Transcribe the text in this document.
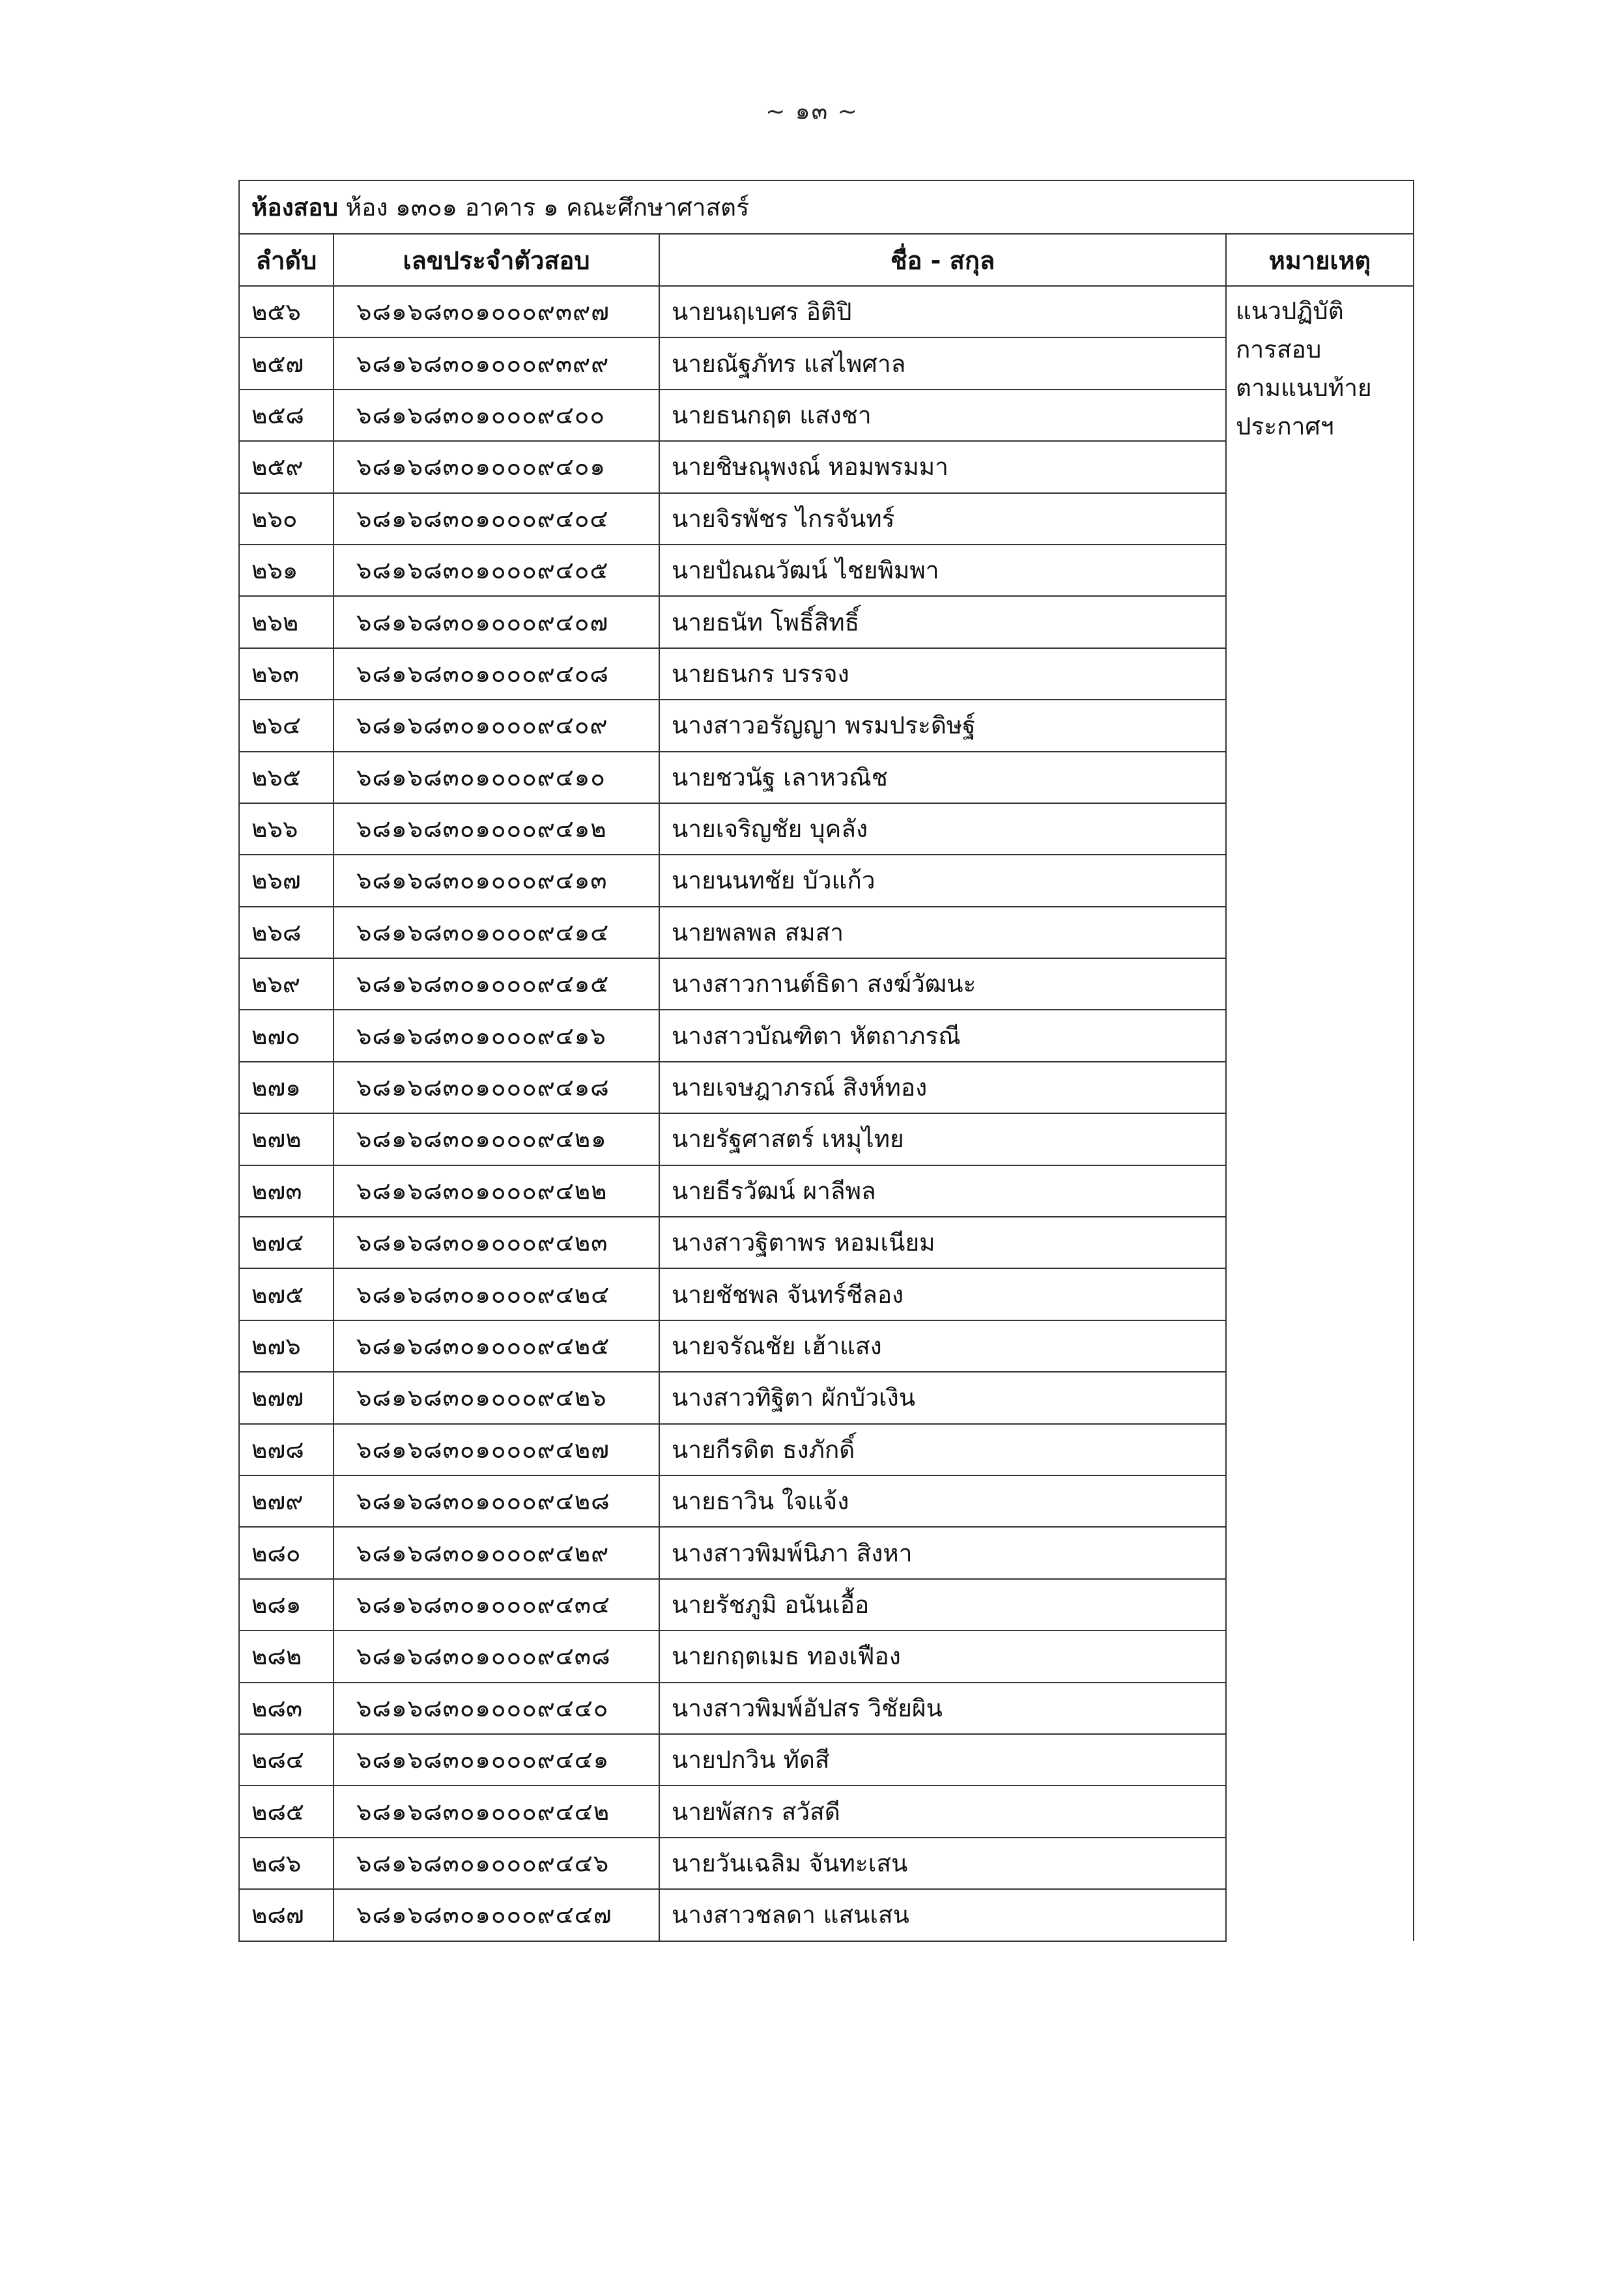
~ ๑๓ ~
ห้องสอบ ห้อง ๑๓๐๑ อาคาร ๑ คณะศึกษาศาสตร์			
ลำดับ	เลขประจำตัวสอบ	ชื่อ - สกุล	หมายเหตุ
๒๕๖	๖๘๑๖๘๓๐๑๐๐๐๙๓๙๗	นายนฤเบศร อิติปิ	แนวปฏิบัติ
การสอบ
ตามแนบท้าย
ประกาศฯ

๒๕๗	๖๘๑๖๘๓๐๑๐๐๐๙๓๙๙	นายณัฐภัทร แสไพศาล	
๒๕๘	๖๘๑๖๘๓๐๑๐๐๐๙๔๐๐	นายธนกฤต แสงชา	
๒๕๙	๖๘๑๖๘๓๐๑๐๐๐๙๔๐๑	นายชิษณุพงณ์ หอมพรมมา	
๒๖๐	๖๘๑๖๘๓๐๑๐๐๐๙๔๐๔	นายจิรพัชร ไกรจันทร์	
๒๖๑	๖๘๑๖๘๓๐๑๐๐๐๙๔๐๕	นายปัณณวัฒน์ ไชยพิมพา	
๒๖๒	๖๘๑๖๘๓๐๑๐๐๐๙๔๐๗	นายธนัท โพธิ์สิทธิ์	
๒๖๓	๖๘๑๖๘๓๐๑๐๐๐๙๔๐๘	นายธนกร บรรจง	
๒๖๔	๖๘๑๖๘๓๐๑๐๐๐๙๔๐๙	นางสาวอรัญญา พรมประดิษฐ์	
๒๖๕	๖๘๑๖๘๓๐๑๐๐๐๙๔๑๐	นายชวนัฐ เลาหวณิช	
๒๖๖	๖๘๑๖๘๓๐๑๐๐๐๙๔๑๒	นายเจริญชัย บุคลัง	
๒๖๗	๖๘๑๖๘๓๐๑๐๐๐๙๔๑๓	นายนนทชัย บัวแก้ว	
๒๖๘	๖๘๑๖๘๓๐๑๐๐๐๙๔๑๔	นายพลพล สมสา	
๒๖๙	๖๘๑๖๘๓๐๑๐๐๐๙๔๑๕	นางสาวกานต์ธิดา สงฆ์วัฒนะ	
๒๗๐	๖๘๑๖๘๓๐๑๐๐๐๙๔๑๖	นางสาวบัณฑิตา หัตถาภรณี	
๒๗๑	๖๘๑๖๘๓๐๑๐๐๐๙๔๑๘	นายเจษฎาภรณ์ สิงห์ทอง	
๒๗๒	๖๘๑๖๘๓๐๑๐๐๐๙๔๒๑	นายรัฐศาสตร์ เหมุไทย	
๒๗๓	๖๘๑๖๘๓๐๑๐๐๐๙๔๒๒	นายธีรวัฒน์ ผาลีพล	
๒๗๔	๖๘๑๖๘๓๐๑๐๐๐๙๔๒๓	นางสาวฐิตาพร หอมเนียม	
๒๗๕	๖๘๑๖๘๓๐๑๐๐๐๙๔๒๔	นายชัชพล จันทร์ชีลอง	
๒๗๖	๖๘๑๖๘๓๐๑๐๐๐๙๔๒๕	นายจรัณชัย เฮ้าแสง	
๒๗๗	๖๘๑๖๘๓๐๑๐๐๐๙๔๒๖	นางสาวทิฐิตา ผักบัวเงิน	
๒๗๘	๖๘๑๖๘๓๐๑๐๐๐๙๔๒๗	นายกีรดิต ธงภักดิ์	
๒๗๙	๖๘๑๖๘๓๐๑๐๐๐๙๔๒๘	นายธาวิน ใจแจ้ง	
๒๘๐	๖๘๑๖๘๓๐๑๐๐๐๙๔๒๙	นางสาวพิมพ์นิภา สิงหา	
๒๘๑	๖๘๑๖๘๓๐๑๐๐๐๙๔๓๔	นายรัชภูมิ อนันเอื้อ	
๒๘๒	๖๘๑๖๘๓๐๑๐๐๐๙๔๓๘	นายกฤตเมธ ทองเฟือง	
๒๘๓	๖๘๑๖๘๓๐๑๐๐๐๙๔๔๐	นางสาวพิมพ์อัปสร วิชัยผิน	
๒๘๔	๖๘๑๖๘๓๐๑๐๐๐๙๔๔๑	นายปกวิน ทัดสี	
๒๘๕	๖๘๑๖๘๓๐๑๐๐๐๙๔๔๒	นายพัสกร สวัสดี	
๒๘๖	๖๘๑๖๘๓๐๑๐๐๐๙๔๔๖	นายวันเฉลิม จันทะเสน	
๒๘๗	๖๘๑๖๘๓๐๑๐๐๐๙๔๔๗	นางสาวชลดา แสนเสน	
